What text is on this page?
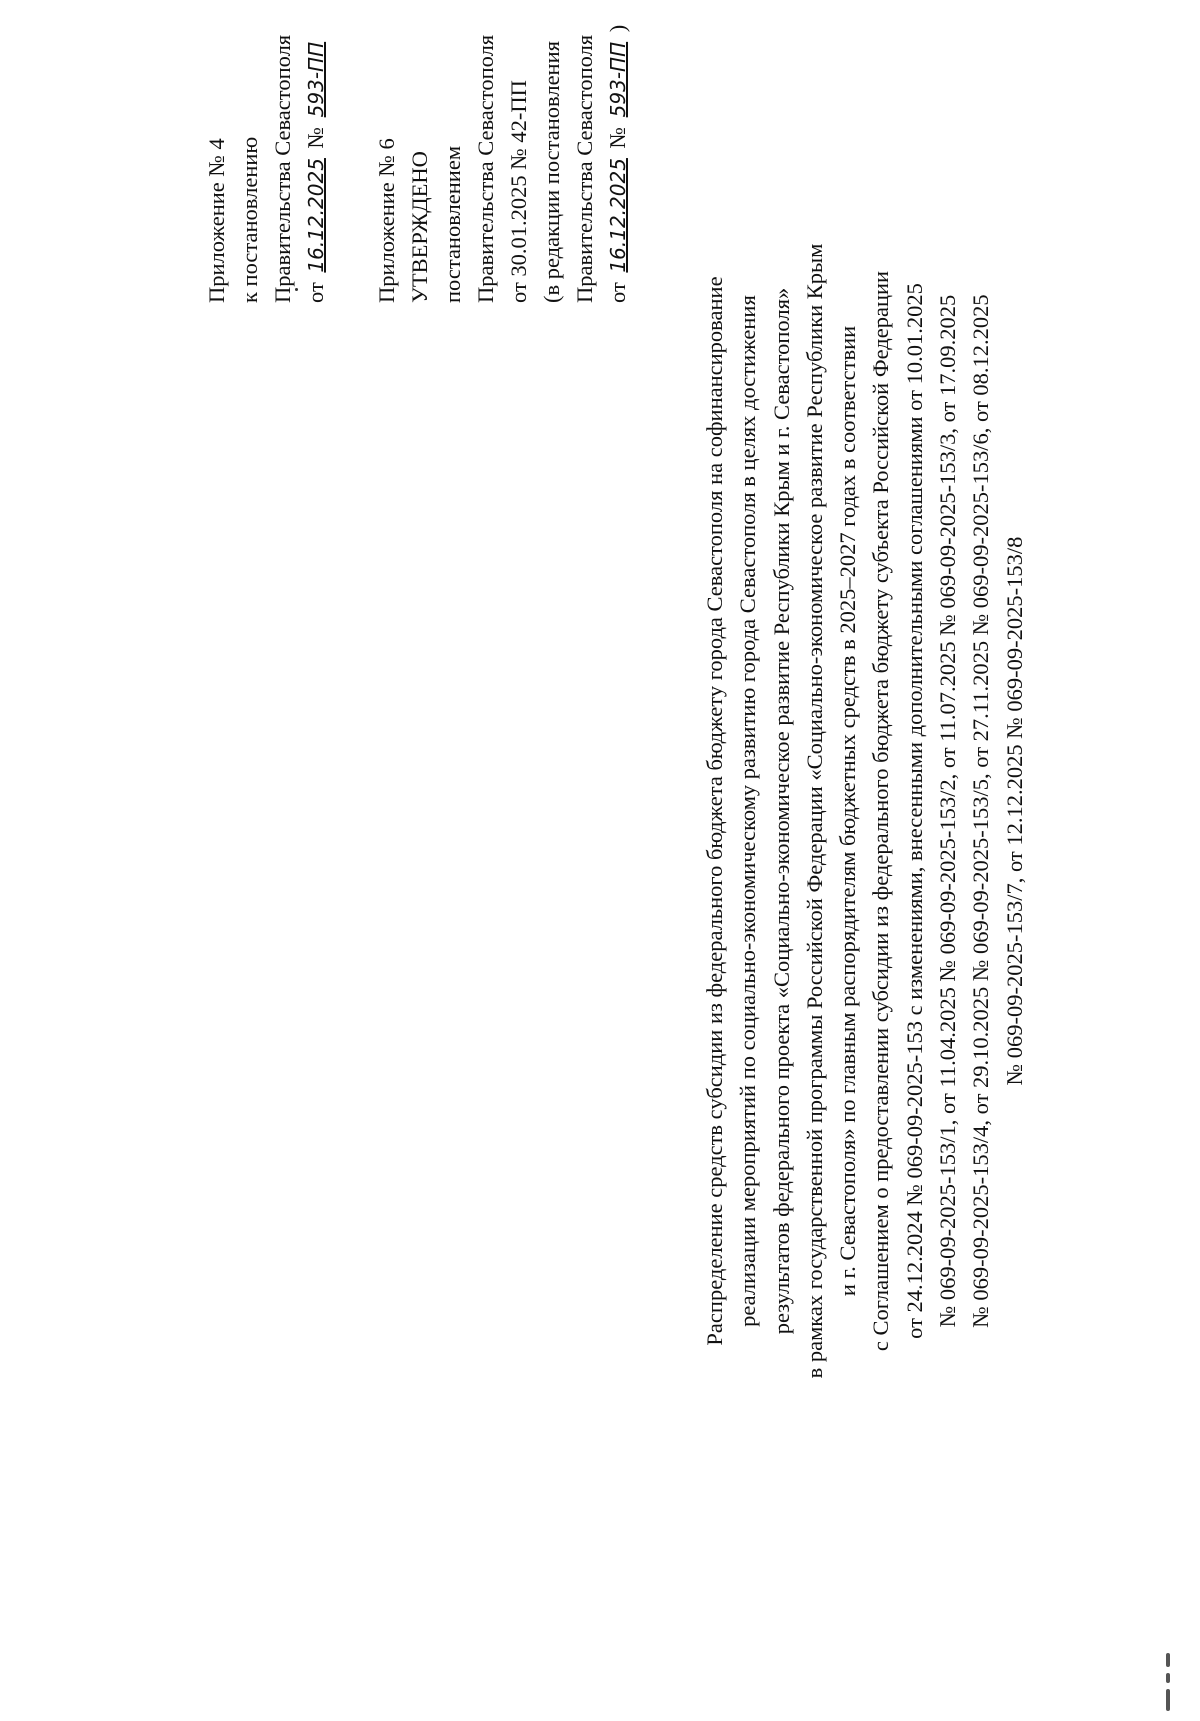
Приложение № 4 к постановлению Правительства Севастополя от 16.12.2025 № 593-ПП
Приложение № 6 УТВЕРЖДЕНО постановлением Правительства Севастополя от 30.01.2025 № 42-ПП (в редакции постановления Правительства Севастополя от 16.12.2025 № 593-ПП )
Распределение средств субсидии из федерального бюджета бюджету города Севастополя на софинансирование реализации мероприятий по социально-экономическому развитию города Севастополя в целях достижения результатов федерального проекта «Социально-экономическое развитие Республики Крым и г. Севастополя» в рамках государственной программы Российской Федерации «Социально-экономическое развитие Республики Крым и г. Севастополя» по главным распорядителям бюджетных средств в 2025–2027 годах в соответствии с Соглашением о предоставлении субсидии из федерального бюджета бюджету субъекта Российской Федерации от 24.12.2024 № 069-09-2025-153 с изменениями, внесенными дополнительными соглашениями от 10.01.2025 № 069-09-2025-153/1, от 11.04.2025 № 069-09-2025-153/2, от 11.07.2025 № 069-09-2025-153/3, от 17.09.2025 № 069-09-2025-153/4, от 29.10.2025 № 069-09-2025-153/5, от 27.11.2025 № 069-09-2025-153/6, от 08.12.2025 № 069-09-2025-153/7, от 12.12.2025 № 069-09-2025-153/8
